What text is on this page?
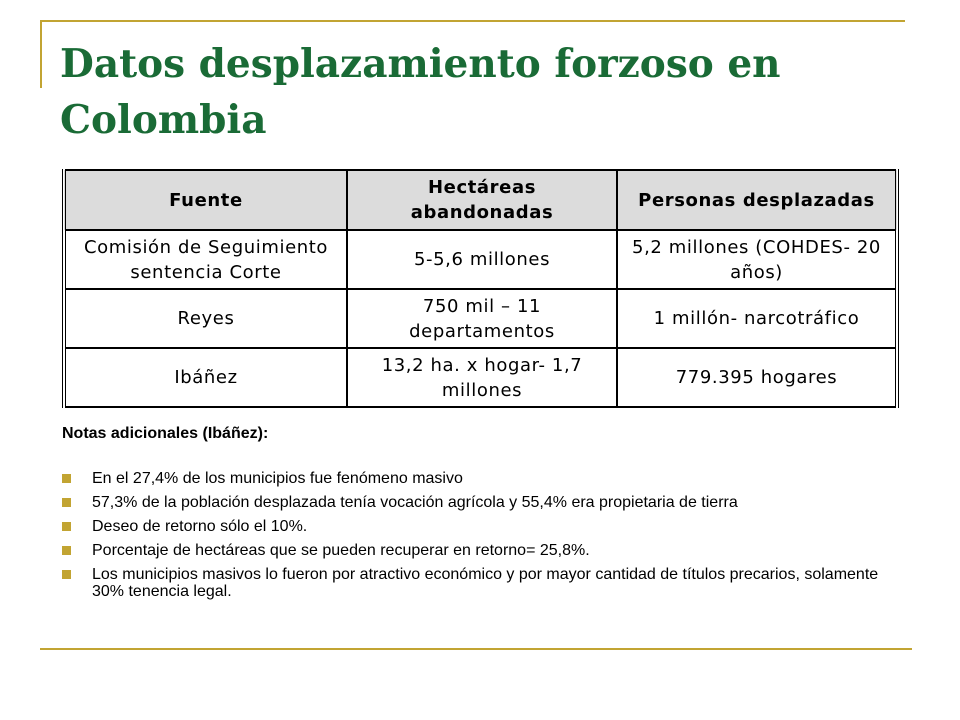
Datos desplazamiento forzoso en Colombia
Fuente	Hectáreas abandonadas	Personas desplazadas
Comisión de Seguimiento sentencia Corte	5-5,6 millones	5,2 millones (COHDES- 20 años)
Reyes	750 mil – 11 departamentos	1 millón- narcotráfico
Ibáñez	13,2 ha. x hogar- 1,7 millones	779.395 hogares

Notas adicionales (Ibáñez):

En el 27,4% de los municipios fue fenómeno masivo
57,3% de la población desplazada tenía vocación agrícola y 55,4% era propietaria de tierra
Deseo de retorno sólo el 10%.
Porcentaje de hectáreas que se pueden recuperar en retorno= 25,8%.
Los municipios masivos lo fueron por atractivo económico y por mayor cantidad de títulos precarios, solamente 30% tenencia legal.
